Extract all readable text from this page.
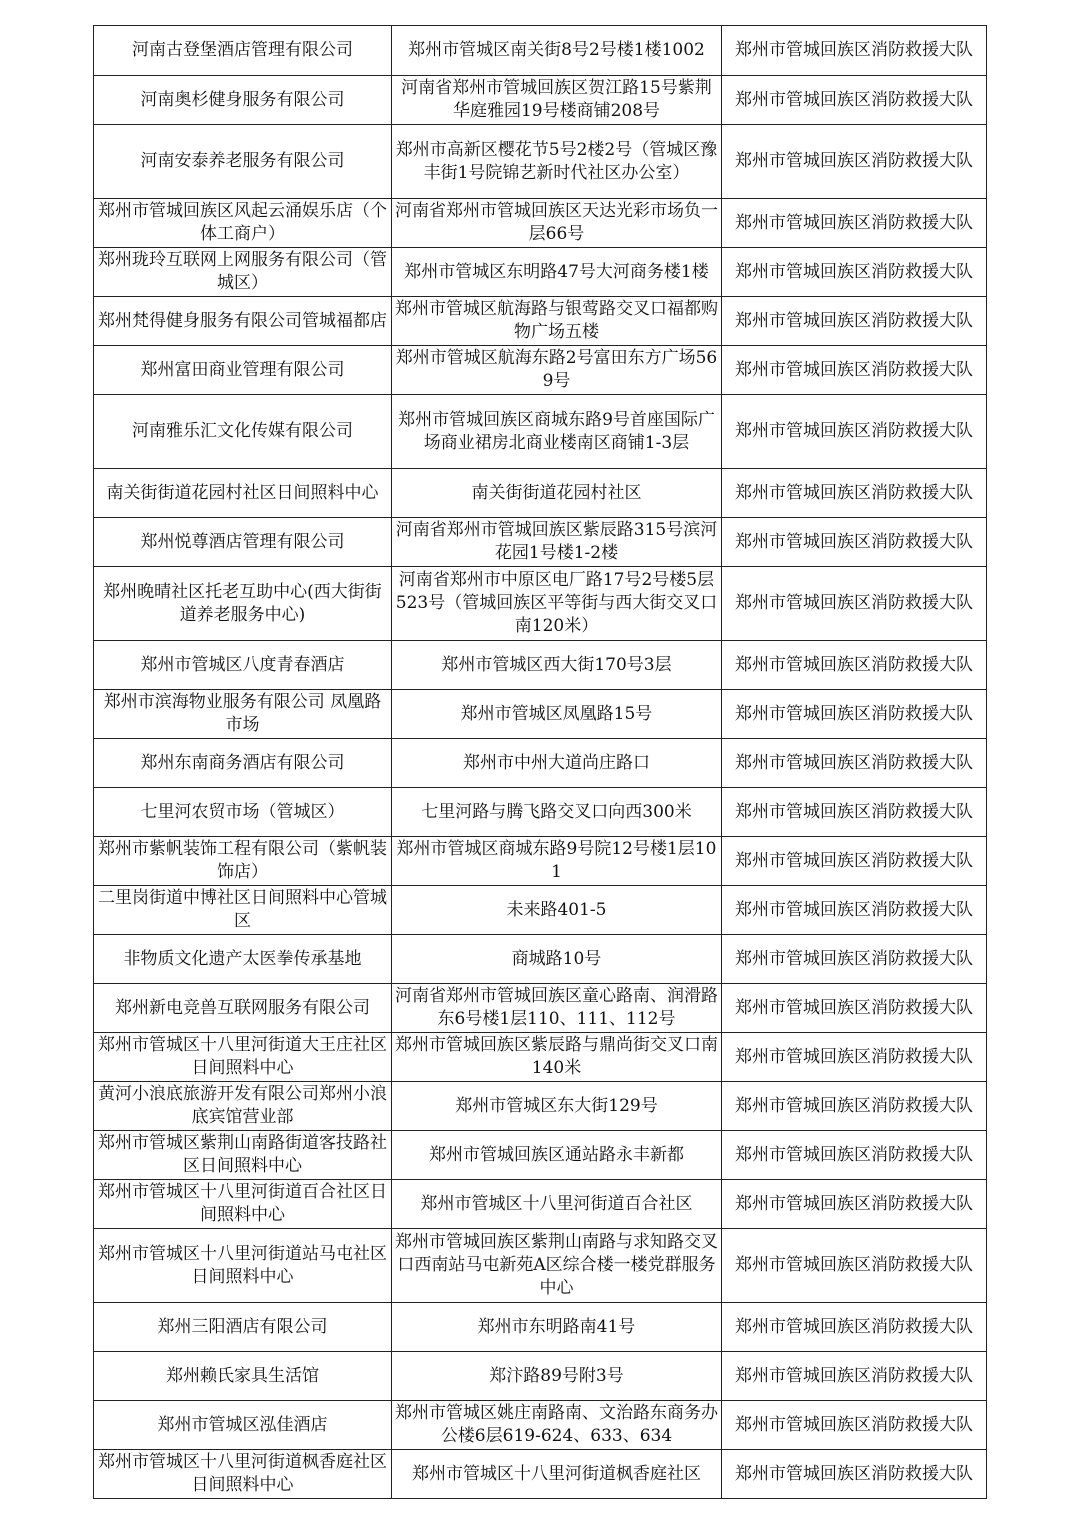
河南古登堡酒店管理有限公司	郑州市管城区南关街8号2号楼1楼1002	郑州市管城回族区消防救援大队
河南奥杉健身服务有限公司	河南省郑州市管城回族区贺江路15号紫荆华庭雅园19号楼商铺208号	郑州市管城回族区消防救援大队
河南安泰养老服务有限公司	郑州市高新区樱花节5号2楼2号（管城区豫丰街1号院锦艺新时代社区办公室）	郑州市管城回族区消防救援大队
郑州市管城回族区风起云涌娱乐店（个体工商户）	河南省郑州市管城回族区天达光彩市场负一层66号	郑州市管城回族区消防救援大队
郑州珑玲互联网上网服务有限公司（管城区）	郑州市管城区东明路47号大河商务楼1楼	郑州市管城回族区消防救援大队
郑州梵得健身服务有限公司管城福都店	郑州市管城区航海路与银莺路交叉口福都购物广场五楼	郑州市管城回族区消防救援大队
郑州富田商业管理有限公司	郑州市管城区航海东路2号富田东方广场569号	郑州市管城回族区消防救援大队
河南雅乐汇文化传媒有限公司	郑州市管城回族区商城东路9号首座国际广场商业裙房北商业楼南区商铺1-3层	郑州市管城回族区消防救援大队
南关街街道花园村社区日间照料中心	南关街街道花园村社区	郑州市管城回族区消防救援大队
郑州悦尊酒店管理有限公司	河南省郑州市管城回族区紫辰路315号滨河花园1号楼1-2楼	郑州市管城回族区消防救援大队
郑州晚晴社区托老互助中心(西大街街道养老服务中心)	河南省郑州市中原区电厂路17号2号楼5层523号（管城回族区平等街与西大街交叉口南120米）	郑州市管城回族区消防救援大队
郑州市管城区八度青春酒店	郑州市管城区西大街170号3层	郑州市管城回族区消防救援大队
郑州市滨海物业服务有限公司 凤凰路市场	郑州市管城区凤凰路15号	郑州市管城回族区消防救援大队
郑州东南商务酒店有限公司	郑州市中州大道尚庄路口	郑州市管城回族区消防救援大队
七里河农贸市场（管城区）	七里河路与腾飞路交叉口向西300米	郑州市管城回族区消防救援大队
郑州市紫帆装饰工程有限公司（紫帆装饰店）	郑州市管城区商城东路9号院12号楼1层101	郑州市管城回族区消防救援大队
二里岗街道中博社区日间照料中心管城区	未来路401-5	郑州市管城回族区消防救援大队
非物质文化遗产太医拳传承基地	商城路10号	郑州市管城回族区消防救援大队
郑州新电竞兽互联网服务有限公司	河南省郑州市管城回族区童心路南、润滑路东6号楼1层110、111、112号	郑州市管城回族区消防救援大队
郑州市管城区十八里河街道大王庄社区日间照料中心	郑州市管城回族区紫辰路与鼎尚街交叉口南140米	郑州市管城回族区消防救援大队
黄河小浪底旅游开发有限公司郑州小浪底宾馆营业部	郑州市管城区东大街129号	郑州市管城回族区消防救援大队
郑州市管城区紫荆山南路街道客技路社区日间照料中心	郑州市管城回族区通站路永丰新都	郑州市管城回族区消防救援大队
郑州市管城区十八里河街道百合社区日间照料中心	郑州市管城区十八里河街道百合社区	郑州市管城回族区消防救援大队
郑州市管城区十八里河街道站马屯社区日间照料中心	郑州市管城回族区紫荆山南路与求知路交叉口西南站马屯新苑A区综合楼一楼党群服务中心	郑州市管城回族区消防救援大队
郑州三阳酒店有限公司	郑州市东明路南41号	郑州市管城回族区消防救援大队
郑州赖氏家具生活馆	郑汴路89号附3号	郑州市管城回族区消防救援大队
郑州市管城区泓佳酒店	郑州市管城区姚庄南路南、文治路东商务办公楼6层619-624、633、634	郑州市管城回族区消防救援大队
郑州市管城区十八里河街道枫香庭社区日间照料中心	郑州市管城区十八里河街道枫香庭社区	郑州市管城回族区消防救援大队
